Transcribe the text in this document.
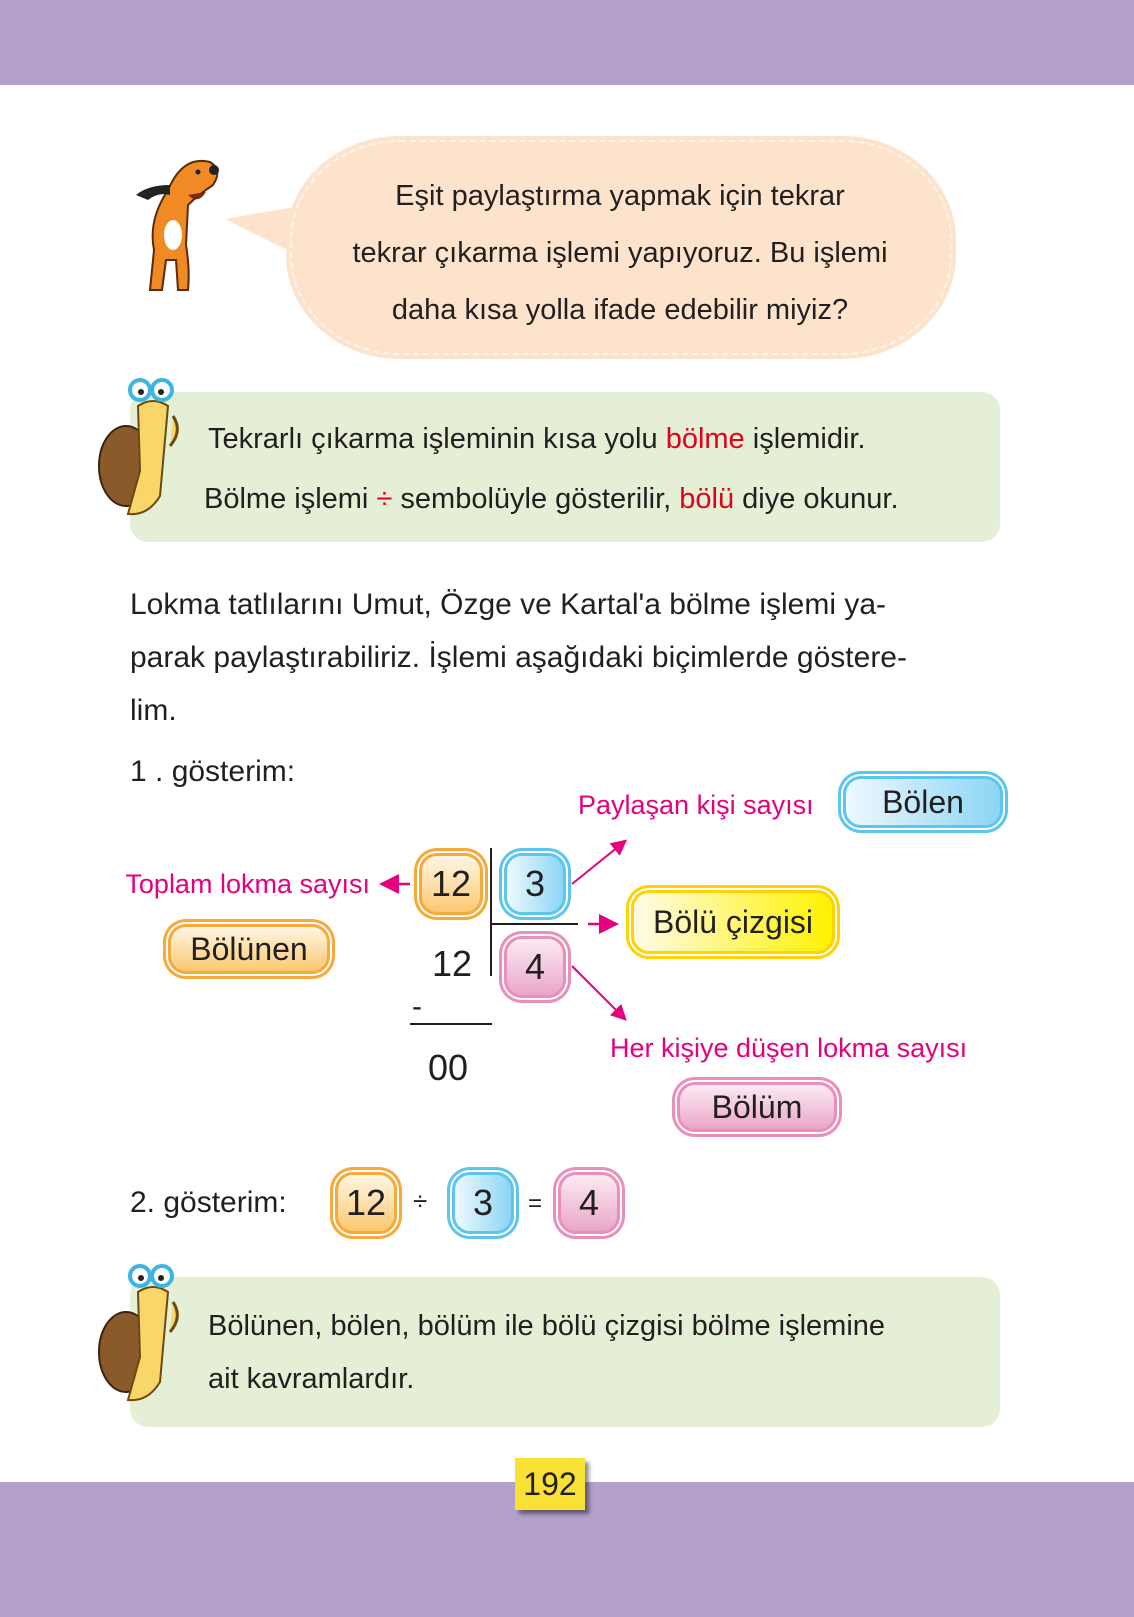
Eşit paylaştırma yapmak için tekrar
tekrar çıkarma işlemi yapıyoruz. Bu işlemi
daha kısa yolla ifade edebilir miyiz?
Tekrarlı çıkarma işleminin kısa yolu bölme işlemidir.
Bölme işlemi ÷ sembolüyle gösterilir, bölü diye okunur.
Lokma tatlılarını Umut, Özge ve Kartal'a bölme işlemi ya-
parak paylaştırabiliriz. İşlemi aşağıdaki biçimlerde göstere-
lim.
1 . gösterim:
Paylaşan kişi sayısı	Bölen
Toplam lokma sayısı
Bölünen
12	3
4
12
-
00
Bölü çizgisi
Her kişiye düşen lokma sayısı
Bölüm
2. gösterim:	12	÷	3	=	4
Bölünen, bölen, bölüm ile bölü çizgisi bölme işlemine
ait kavramlardır.
192
